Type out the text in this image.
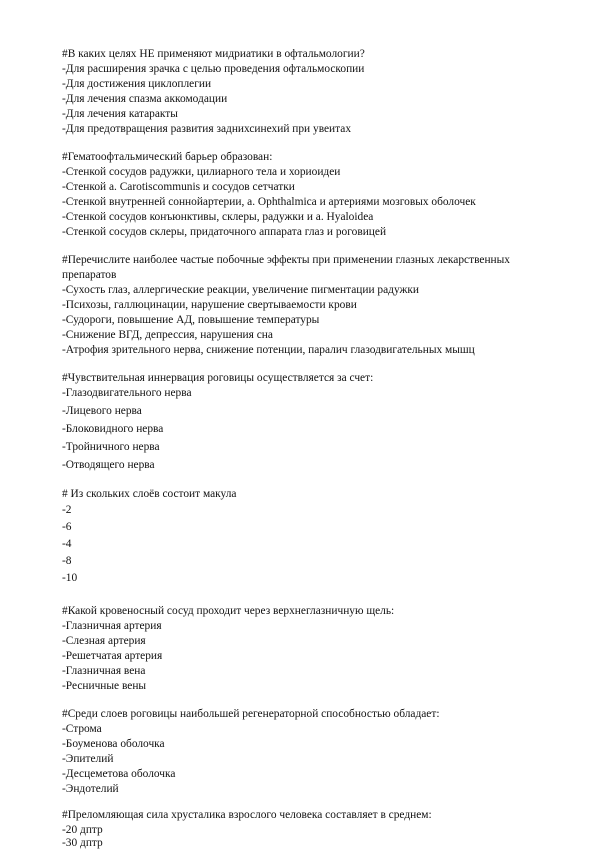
#В каких целях НЕ применяют мидриатики в офтальмологии?
-Для расширения зрачка с целью проведения офтальмоскопии
-Для достижения циклоплегии
-Для лечения спазма аккомодации
-Для лечения катаракты
-Для предотвращения развития заднихсинехий при увеитах
#Гематоофтальмический барьер образован:
-Стенкой сосудов радужки, цилиарного тела и хориоидеи
-Стенкой a. Carotiscommunis и сосудов сетчатки
-Стенкой внутренней соннойартерии, а. Ophthalmica и артериями мозговых оболочек
-Стенкой сосудов конъюнктивы, склеры, радужки и a. Hyaloidea
-Стенкой сосудов склеры, придаточного аппарата глаз и роговицей
#Перечислите наиболее частые побочные эффекты при применении глазных лекарственных
препаратов
-Сухость глаз, аллергические реакции, увеличение пигментации радужки
-Психозы, галлюцинации, нарушение свертываемости крови
-Судороги, повышение АД, повышение температуры
-Снижение ВГД, депрессия, нарушения сна
-Атрофия зрительного нерва, снижение потенции, паралич глазодвигательных мышц
#Чувствительная иннервация роговицы осуществляется за счет:
-Глазодвигательного нерва
-Лицевого нерва
-Блоковидного нерва
-Тройничного нерва
-Отводящего нерва
# Из скольких слоёв состоит макула
-2
-6
-4
-8
-10
#Какой кровеносный сосуд проходит через верхнеглазничную щель:
-Глазничная артерия
-Слезная артерия
-Решетчатая артерия
-Глазничная вена
-Ресничные вены
#Среди слоев роговицы наибольшей регенераторной способностью обладает:
-Строма
-Боуменова оболочка
-Эпителий
-Десцеметова оболочка
-Эндотелий
#Преломляющая сила хрусталика взрослого человека составляет в среднем:
-20 дптр
-30 дптр
